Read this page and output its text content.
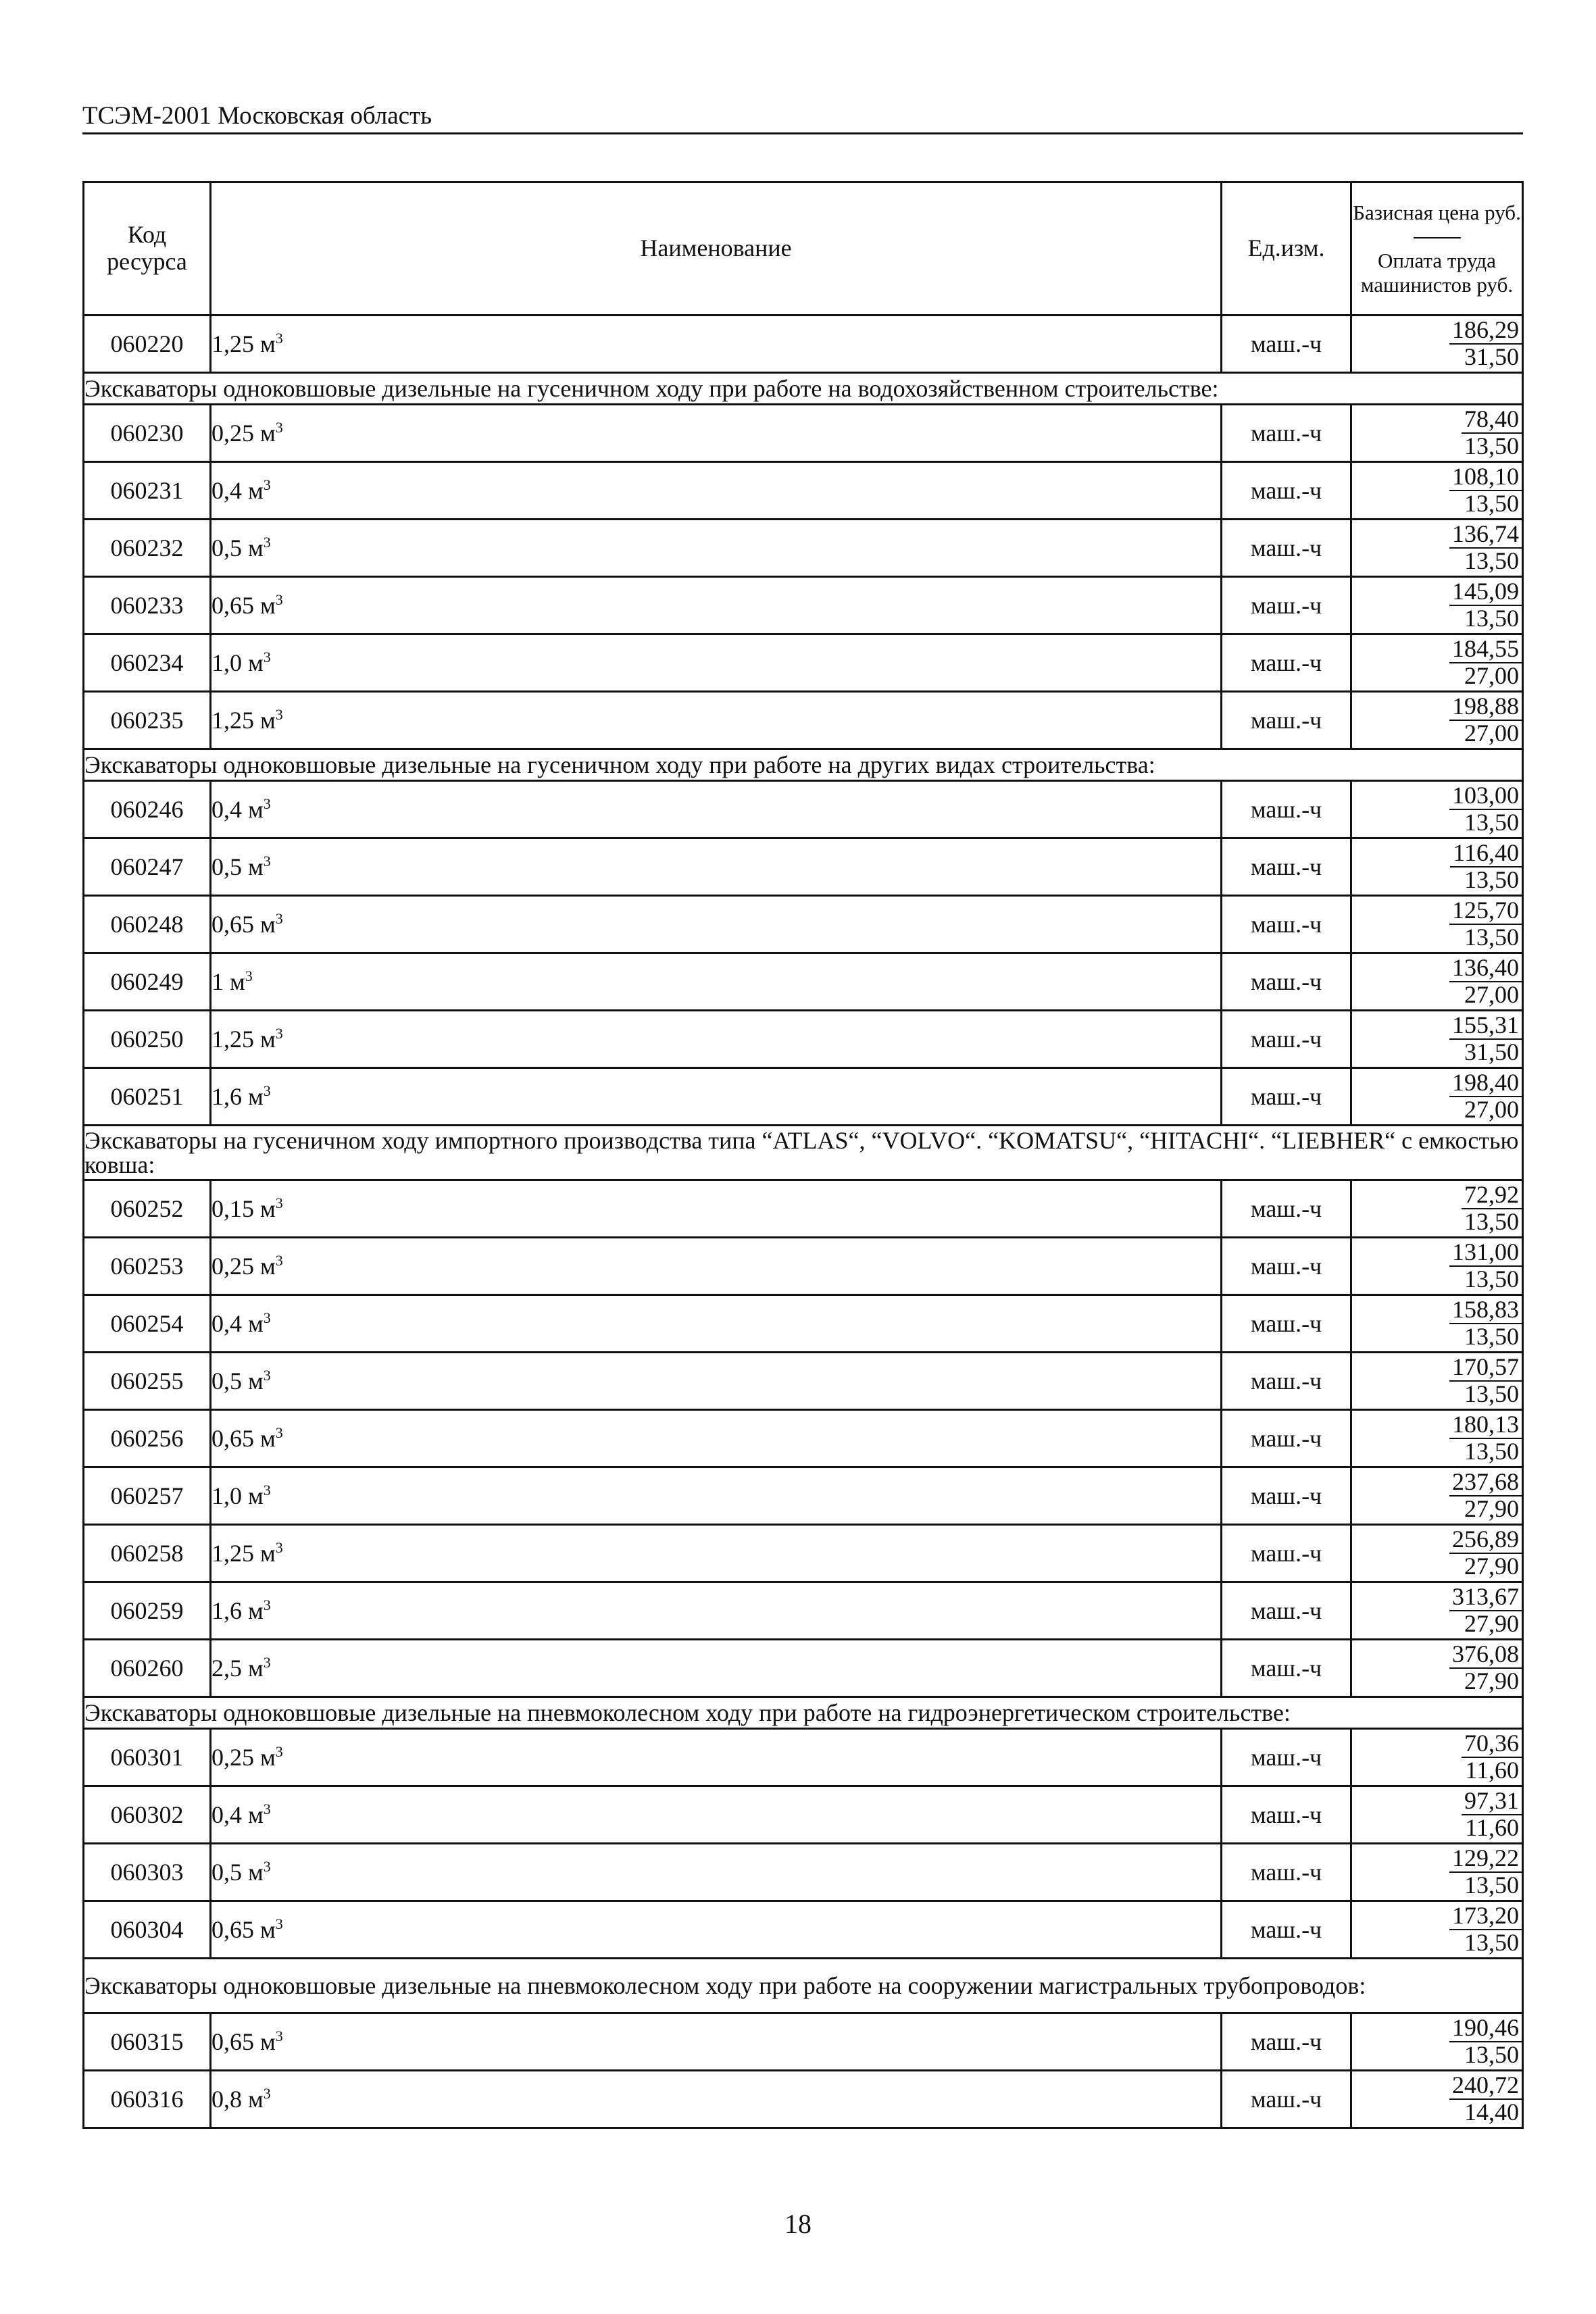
ТСЭМ-2001 Московская область
Код ресурса	Наименование	Ед.изм.	Базисная цена руб.
Оплата труда машинистов руб.

060220	1,25 $м^3$	маш.-ч	186,29
31,50
Экскаваторы одноковшовые дизельные на гусеничном ходу при работе на водохозяйственном строительстве:			
060230	0,25 $м^3$	маш.-ч	78,40
13,50
060231	0,4 $м^3$	маш.-ч	108,10
13,50
060232	0,5 $м^3$	маш.-ч	136,74
13,50
060233	0,65 $м^3$	маш.-ч	145,09
13,50
060234	1,0 $м^3$	маш.-ч	184,55
27,00
060235	1,25 $м^3$	маш.-ч	198,88
27,00
Экскаваторы одноковшовые дизельные на гусеничном ходу при работе на других видах строительства:			
060246	0,4 $м^3$	маш.-ч	103,00
13,50
060247	0,5 $м^3$	маш.-ч	116,40
13,50
060248	0,65 $м^3$	маш.-ч	125,70
13,50
060249	1 $м^3$	маш.-ч	136,40
27,00
060250	1,25 $м^3$	маш.-ч	155,31
31,50
060251	1,6 $м^3$	маш.-ч	198,40
27,00
Экскаваторы на гусеничном ходу импортного производства типа “ATLAS“, “VOLVO“. “KOMATSU“, “HITACHI“. “LIEBHER“ с емкостью ковша:			
060252	0,15 $м^3$	маш.-ч	72,92
13,50
060253	0,25 $м^3$	маш.-ч	131,00
13,50
060254	0,4 $м^3$	маш.-ч	158,83
13,50
060255	0,5 $м^3$	маш.-ч	170,57
13,50
060256	0,65 $м^3$	маш.-ч	180,13
13,50
060257	1,0 $м^3$	маш.-ч	237,68
27,90
060258	1,25 $м^3$	маш.-ч	256,89
27,90
060259	1,6 $м^3$	маш.-ч	313,67
27,90
060260	2,5 $м^3$	маш.-ч	376,08
27,90
Экскаваторы одноковшовые дизельные на пневмоколесном ходу при работе на гидроэнергетическом строительстве:			
060301	0,25 $м^3$	маш.-ч	70,36
11,60
060302	0,4 $м^3$	маш.-ч	97,31
11,60
060303	0,5 $м^3$	маш.-ч	129,22
13,50
060304	0,65 $м^3$	маш.-ч	173,20
13,50
Экскаваторы одноковшовые дизельные на пневмоколесном ходу при работе на сооружении магистральных трубопроводов:			
060315	0,65 $м^3$	маш.-ч	190,46
13,50
060316	0,8 $м^3$	маш.-ч	240,72
14,40
18
